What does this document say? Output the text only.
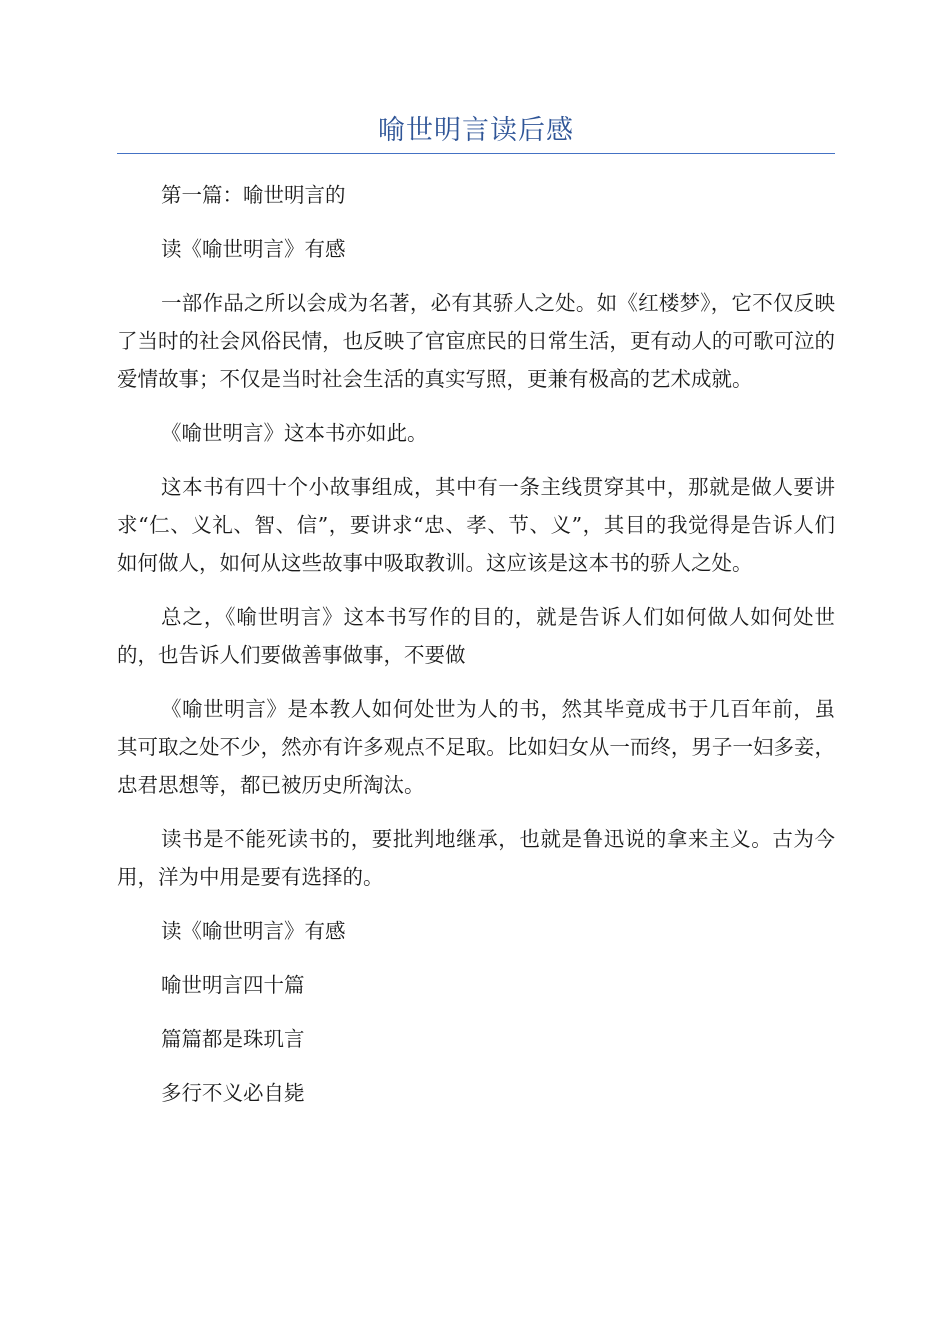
喻世明言读后感

第一篇：喻世明言的

读《喻世明言》有感

一部作品之所以会成为名著，必有其骄人之处。如《红楼梦》，它不仅反映了当时的社会风俗民情，也反映了官宦庶民的日常生活，更有动人的可歌可泣的爱情故事；不仅是当时社会生活的真实写照，更兼有极高的艺术成就。

《喻世明言》这本书亦如此。

这本书有四十个小故事组成，其中有一条主线贯穿其中，那就是做人要讲求“仁、义礼、智、信”，要讲求“忠、孝、节、义”，其目的我觉得是告诉人们如何做人，如何从这些故事中吸取教训。这应该是这本书的骄人之处。

总之，《喻世明言》这本书写作的目的，就是告诉人们如何做人如何处世的，也告诉人们要做善事做事，不要做

《喻世明言》是本教人如何处世为人的书，然其毕竟成书于几百年前，虽其可取之处不少，然亦有许多观点不足取。比如妇女从一而终，男子一妇多妾，忠君思想等，都已被历史所淘汰。

读书是不能死读书的，要批判地继承，也就是鲁迅说的拿来主义。古为今用，洋为中用是要有选择的。

读《喻世明言》有感

喻世明言四十篇

篇篇都是珠玑言

多行不义必自毙
